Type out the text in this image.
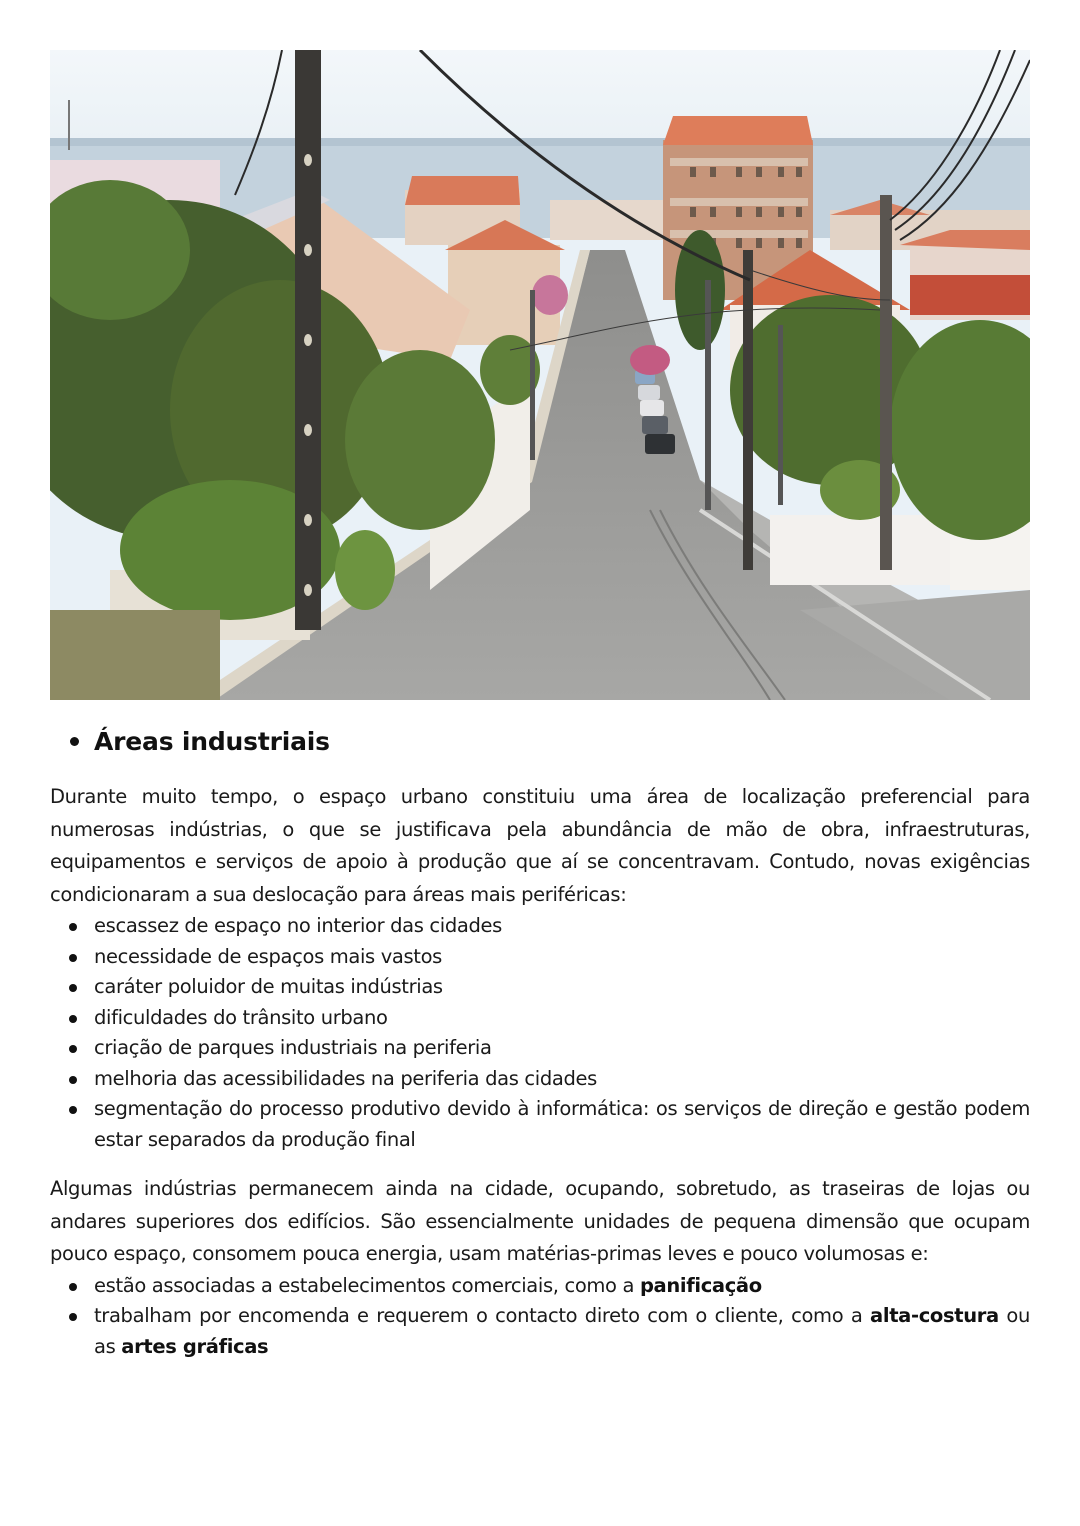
Áreas industriais

Durante muito tempo, o espaço urbano constituiu uma área de localização preferencial para numerosas indústrias, o que se justificava pela abundância de mão de obra, infraestruturas, equipamentos e serviços de apoio à produção que aí se concentravam. Contudo, novas exigências condicionaram a sua deslocação para áreas mais periféricas:

escassez de espaço no interior das cidades
necessidade de espaços mais vastos
caráter poluidor de muitas indústrias
dificuldades do trânsito urbano
criação de parques industriais na periferia
melhoria das acessibilidades na periferia das cidades
segmentação do processo produtivo devido à informática: os serviços de direção e gestão podem estar separados da produção final

Algumas indústrias permanecem ainda na cidade, ocupando, sobretudo, as traseiras de lojas ou andares superiores dos edifícios. São essencialmente unidades de pequena dimensão que ocupam pouco espaço, consomem pouca energia, usam matérias-primas leves e pouco volumosas e:

estão associadas a estabelecimentos comerciais, como a panificação
trabalham por encomenda e requerem o contacto direto com o cliente, como a alta-costura ou as artes gráficas
